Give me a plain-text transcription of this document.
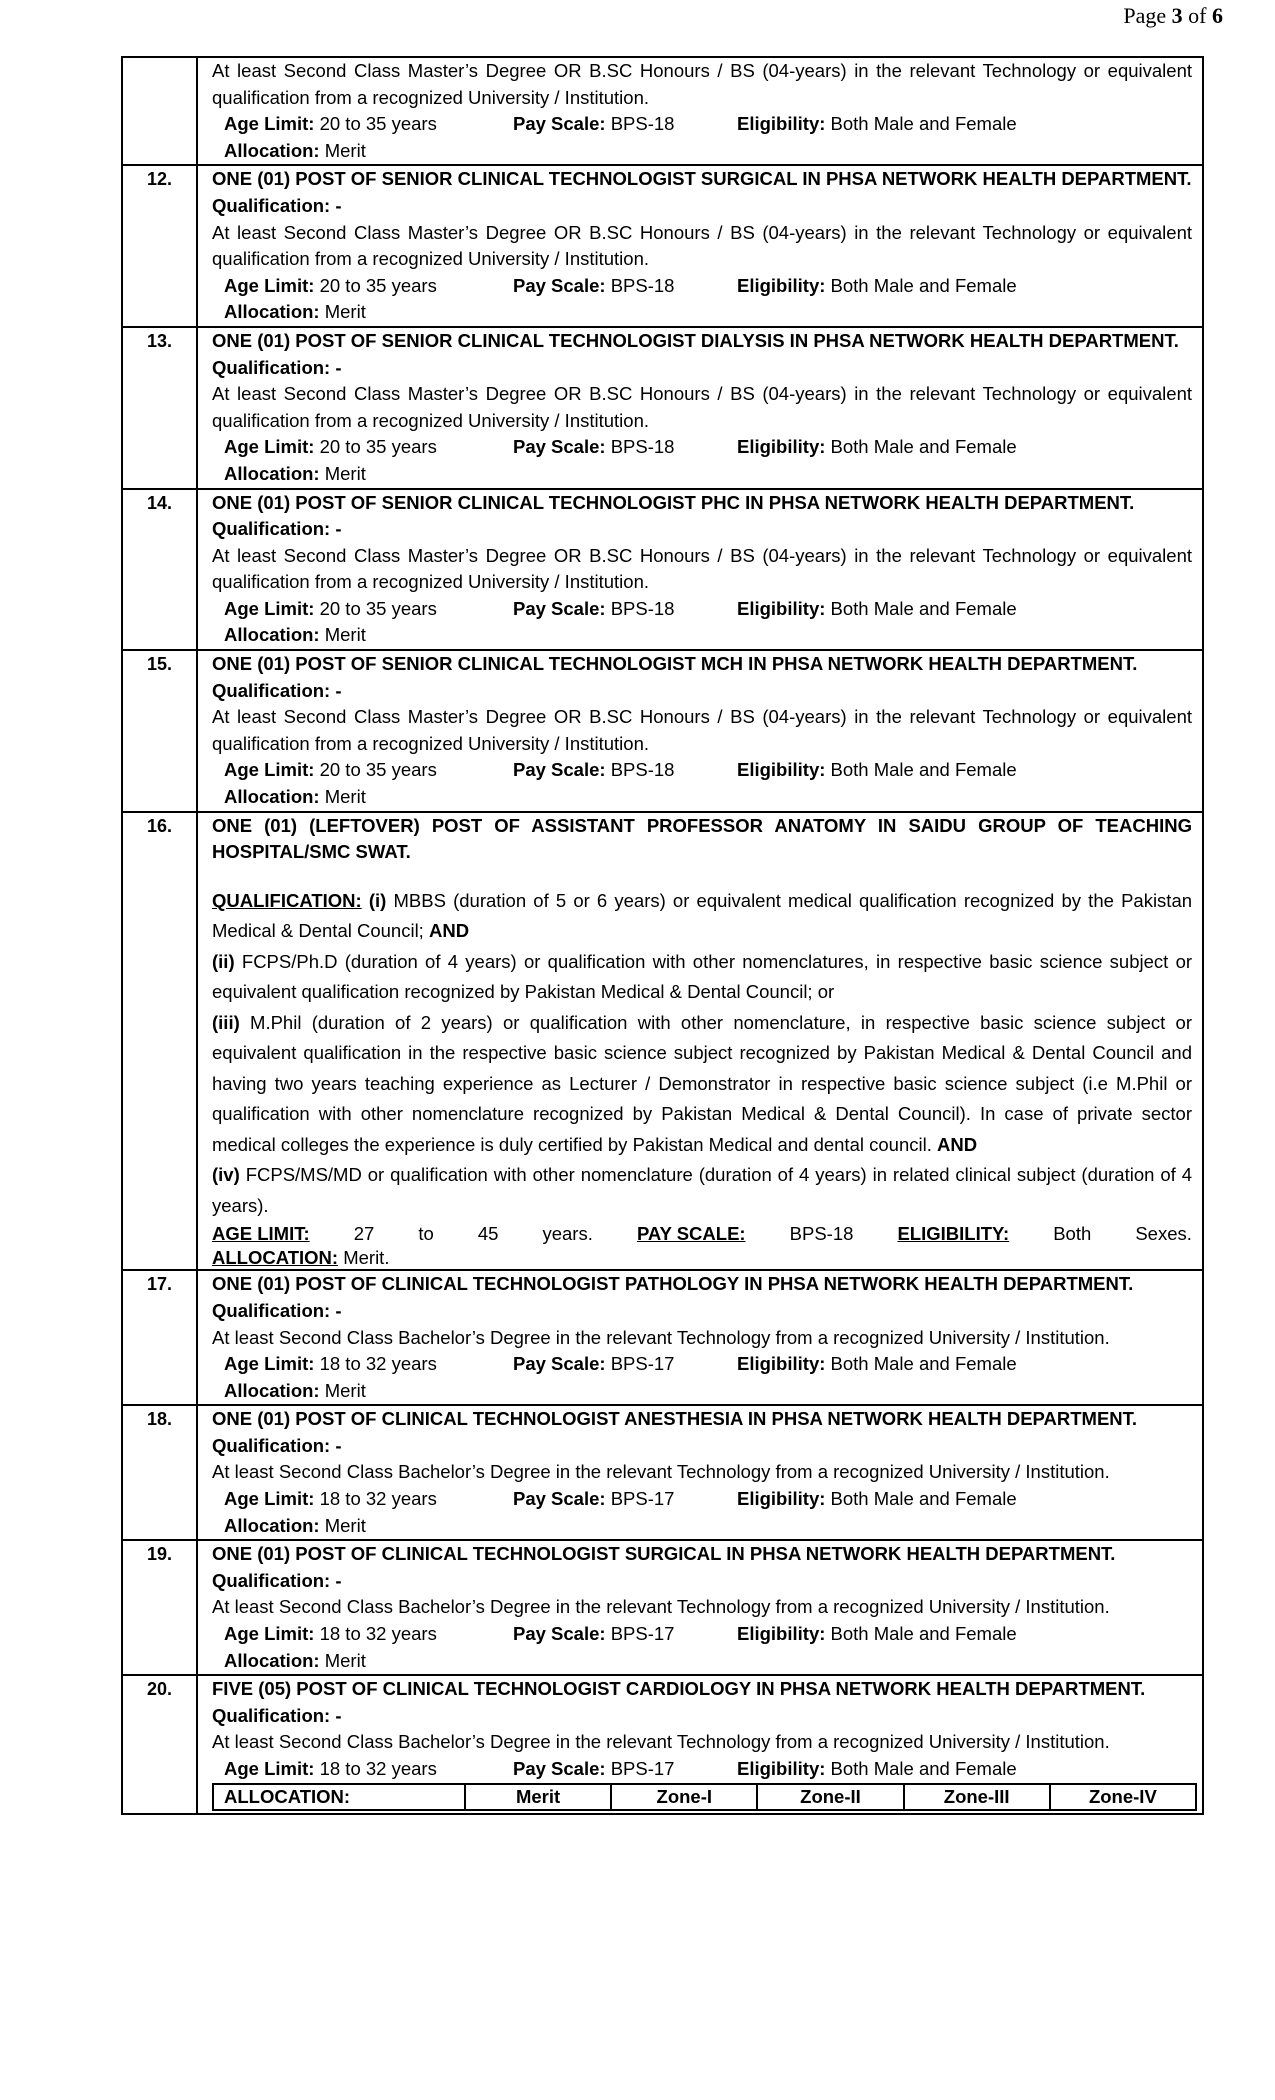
Page 3 of 6

At least Second Class Master’s Degree OR B.SC Honours / BS (04-years) in the relevant Technology or equivalent qualification from a recognized University / Institution.
Age Limit: 20 to 35 years	Pay Scale: BPS-18	Eligibility: Both Male and Female
Allocation: Merit

12.	ONE (01) POST OF SENIOR CLINICAL TECHNOLOGIST SURGICAL IN PHSA NETWORK HEALTH DEPARTMENT.
Qualification: -
At least Second Class Master’s Degree OR B.SC Honours / BS (04-years) in the relevant Technology or equivalent qualification from a recognized University / Institution.
Age Limit: 20 to 35 years	Pay Scale: BPS-18	Eligibility: Both Male and Female
Allocation: Merit

13.	ONE (01) POST OF SENIOR CLINICAL TECHNOLOGIST DIALYSIS IN PHSA NETWORK HEALTH DEPARTMENT.
Qualification: -
At least Second Class Master’s Degree OR B.SC Honours / BS (04-years) in the relevant Technology or equivalent qualification from a recognized University / Institution.
Age Limit: 20 to 35 years	Pay Scale: BPS-18	Eligibility: Both Male and Female
Allocation: Merit

14.	ONE (01) POST OF SENIOR CLINICAL TECHNOLOGIST PHC IN PHSA NETWORK HEALTH DEPARTMENT.
Qualification: -
At least Second Class Master’s Degree OR B.SC Honours / BS (04-years) in the relevant Technology or equivalent qualification from a recognized University / Institution.
Age Limit: 20 to 35 years	Pay Scale: BPS-18	Eligibility: Both Male and Female
Allocation: Merit

15.	ONE (01) POST OF SENIOR CLINICAL TECHNOLOGIST MCH IN PHSA NETWORK HEALTH DEPARTMENT.
Qualification: -
At least Second Class Master’s Degree OR B.SC Honours / BS (04-years) in the relevant Technology or equivalent qualification from a recognized University / Institution.
Age Limit: 20 to 35 years	Pay Scale: BPS-18	Eligibility: Both Male and Female
Allocation: Merit

16.	ONE (01) (LEFTOVER) POST OF ASSISTANT PROFESSOR ANATOMY IN SAIDU GROUP OF TEACHING HOSPITAL/SMC SWAT.
QUALIFICATION: (i) MBBS (duration of 5 or 6 years) or equivalent medical qualification recognized by the Pakistan Medical & Dental Council; AND
(ii) FCPS/Ph.D (duration of 4 years) or qualification with other nomenclatures, in respective basic science subject or equivalent qualification recognized by Pakistan Medical & Dental Council; or
(iii) M.Phil (duration of 2 years) or qualification with other nomenclature, in respective basic science subject or equivalent qualification in the respective basic science subject recognized by Pakistan Medical & Dental Council and having two years teaching experience as Lecturer / Demonstrator in respective basic science subject (i.e M.Phil or qualification with other nomenclature recognized by Pakistan Medical & Dental Council). In case of private sector medical colleges the experience is duly certified by Pakistan Medical and dental council. AND
(iv) FCPS/MS/MD or qualification with other nomenclature (duration of 4 years) in related clinical subject (duration of 4 years).
AGE LIMIT: 27 to 45 years. PAY SCALE: BPS-18 ELIGIBILITY: Both Sexes.
ALLOCATION: Merit.

17.	ONE (01) POST OF CLINICAL TECHNOLOGIST PATHOLOGY IN PHSA NETWORK HEALTH DEPARTMENT.
Qualification: -
At least Second Class Bachelor’s Degree in the relevant Technology from a recognized University / Institution.
Age Limit: 18 to 32 years	Pay Scale: BPS-17	Eligibility: Both Male and Female
Allocation: Merit

18.	ONE (01) POST OF CLINICAL TECHNOLOGIST ANESTHESIA IN PHSA NETWORK HEALTH DEPARTMENT.
Qualification: -
At least Second Class Bachelor’s Degree in the relevant Technology from a recognized University / Institution.
Age Limit: 18 to 32 years	Pay Scale: BPS-17	Eligibility: Both Male and Female
Allocation: Merit

19.	ONE (01) POST OF CLINICAL TECHNOLOGIST SURGICAL IN PHSA NETWORK HEALTH DEPARTMENT.
Qualification: -
At least Second Class Bachelor’s Degree in the relevant Technology from a recognized University / Institution.
Age Limit: 18 to 32 years	Pay Scale: BPS-17	Eligibility: Both Male and Female
Allocation: Merit

20.	FIVE (05) POST OF CLINICAL TECHNOLOGIST CARDIOLOGY IN PHSA NETWORK HEALTH DEPARTMENT.
Qualification: -
At least Second Class Bachelor’s Degree in the relevant Technology from a recognized University / Institution.
Age Limit: 18 to 32 years	Pay Scale: BPS-17	Eligibility: Both Male and Female
ALLOCATION:	Merit	Zone-I	Zone-II	Zone-III	Zone-IV
